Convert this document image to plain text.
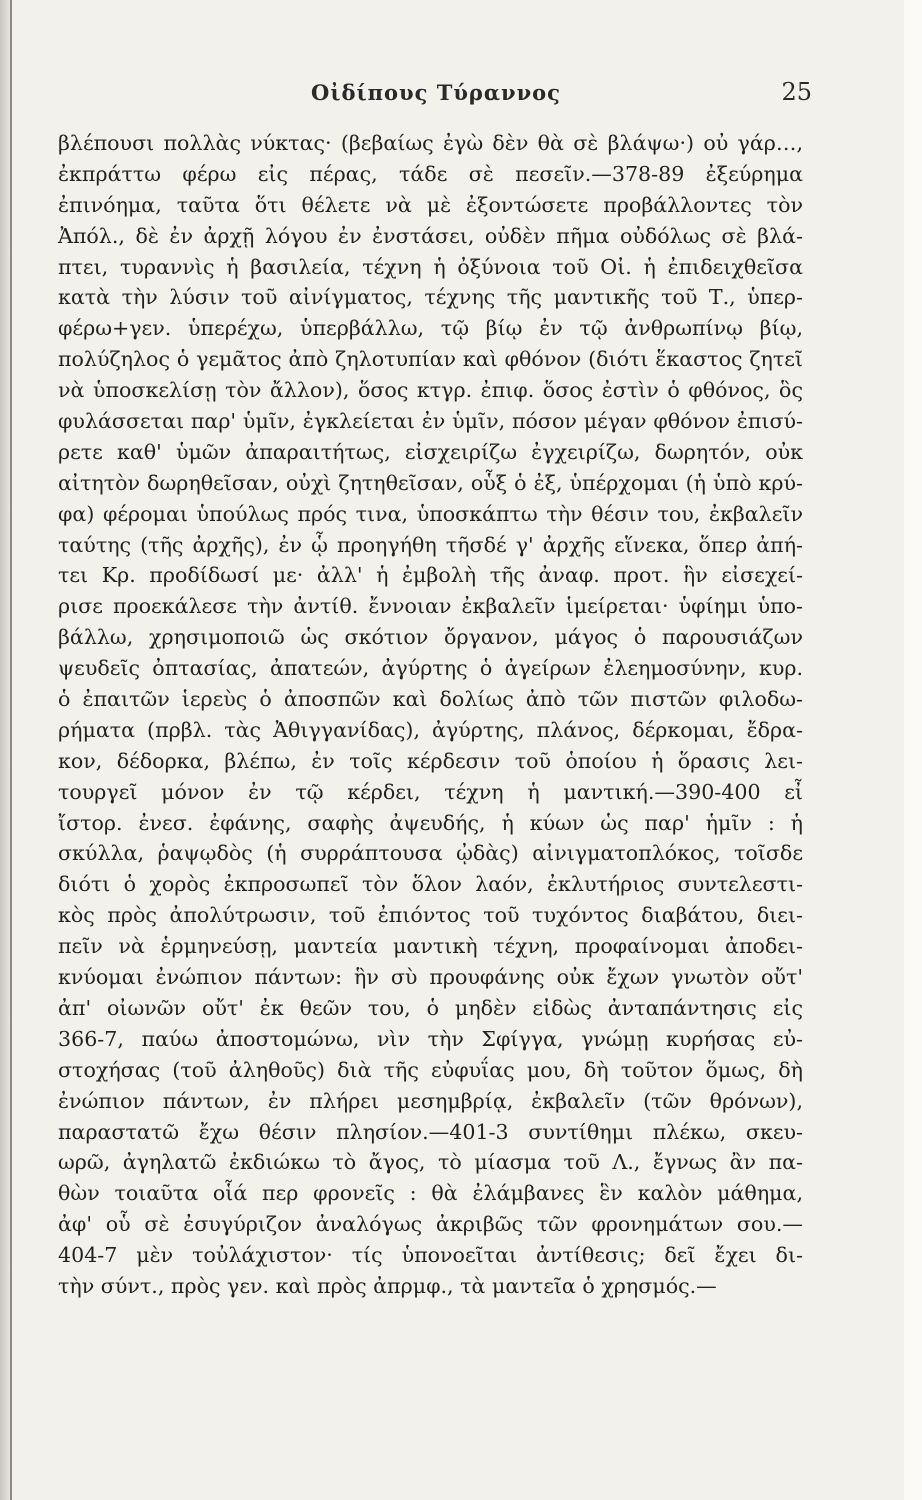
Οἰδίπους Τύραννος	25
βλέπουσι πολλὰς νύκτας· (βεβαίως ἐγὼ δὲν θὰ σὲ βλάψω·) οὐ γάρ…,
ἐκπράττω φέρω εἰς πέρας, τάδε σὲ πεσεῖν.—378-89 ἐξεύρημα
ἐπινόημα, ταῦτα ὅτι θέλετε νὰ μὲ ἐξοντώσετε προβάλλοντες τὸν
Ἀπόλ., δὲ ἐν ἀρχῇ λόγου ἐν ἐνστάσει, οὐδὲν πῆμα οὐδόλως σὲ βλά-
πτει, τυραννὶς ἡ βασιλεία, τέχνη ἡ ὀξύνοια τοῦ Οἰ. ἡ ἐπιδειχθεῖσα
κατὰ τὴν λύσιν τοῦ αἰνίγματος, τέχνης τῆς μαντικῆς τοῦ Τ., ὑπερ-
φέρω+γεν. ὑπερέχω, ὑπερβάλλω, τῷ βίῳ ἐν τῷ ἀνθρωπίνῳ βίῳ,
πολύζηλος ὁ γεμᾶτος ἀπὸ ζηλοτυπίαν καὶ φθόνον (διότι ἕκαστος ζητεῖ
νὰ ὑποσκελίσῃ τὸν ἄλλον), ὅσος κτγρ. ἐπιφ. ὅσος ἐστὶν ὁ φθόνος, ὃς
φυλάσσεται παρ' ὑμῖν, ἐγκλείεται ἐν ὑμῖν, πόσον μέγαν φθόνον ἐπισύ-
ρετε καθ' ὑμῶν ἀπαραιτήτως, εἰσχειρίζω ἐγχειρίζω, δωρητόν, οὐκ
αἰτητὸν δωρηθεῖσαν, οὐχὶ ζητηθεῖσαν, οὗξ ὁ ἐξ, ὑπέρχομαι (ἡ ὑπὸ κρύ-
φα) φέρομαι ὑπούλως πρός τινα, ὑποσκάπτω τὴν θέσιν του, ἐκβαλεῖν
ταύτης (τῆς ἀρχῆς), ἐν ᾧ προηγήθη τῆσδέ γ' ἀρχῆς εἵνεκα, ὅπερ ἀπή-
τει Κρ. προδίδωσί με· ἀλλ' ἡ ἐμβολὴ τῆς ἀναφ. προτ. ἣν εἰσεχεί-
ρισε προεκάλεσε τὴν ἀντίθ. ἔννοιαν ἐκβαλεῖν ἱμείρεται· ὑφίημι ὑπο-
βάλλω, χρησιμοποιῶ ὡς σκότιον ὄργανον, μάγος ὁ παρουσιάζων
ψευδεῖς ὀπτασίας, ἀπατεών, ἀγύρτης ὁ ἀγείρων ἐλεημοσύνην, κυρ.
ὁ ἐπαιτῶν ἱερεὺς ὁ ἀποσπῶν καὶ δολίως ἀπὸ τῶν πιστῶν φιλοδω-
ρήματα (πρβλ. τὰς Ἀθιγγανίδας), ἀγύρτης, πλάνος, δέρκομαι, ἔδρα-
κον, δέδορκα, βλέπω, ἐν τοῖς κέρδεσιν τοῦ ὁποίου ἡ ὅρασις λει-
τουργεῖ μόνον ἐν τῷ κέρδει, τέχνη ἡ μαντική.—390-400 εἶ
ἴστορ. ἐνεσ. ἐφάνης, σαφὴς ἀψευδής, ἡ κύων ὡς παρ' ἡμῖν : ἡ
σκύλλα, ῥαψῳδὸς (ἡ συρράπτουσα ᾠδὰς) αἰνιγματοπλόκος, τοῖσδε
διότι ὁ χορὸς ἐκπροσωπεῖ τὸν ὅλον λαόν, ἐκλυτήριος συντελεστι-
κὸς πρὸς ἀπολύτρωσιν, τοῦ ἐπιόντος τοῦ τυχόντος διαβάτου, διει-
πεῖν νὰ ἑρμηνεύσῃ, μαντεία μαντικὴ τέχνη, προφαίνομαι ἀποδει-
κνύομαι ἐνώπιον πάντων: ἣν σὺ προυφάνης οὐκ ἔχων γνωτὸν οὔτ'
ἀπ' οἰωνῶν οὔτ' ἐκ θεῶν του, ὁ μηδὲν εἰδὼς ἀνταπάντησις εἰς
366-7, παύω ἀποστομώνω, νὶν τὴν Σφίγγα, γνώμῃ κυρήσας εὐ-
στοχήσας (τοῦ ἀληθοῦς) διὰ τῆς εὐφυΐας μου, δὴ τοῦτον ὅμως, δὴ
ἐνώπιον πάντων, ἐν πλήρει μεσημβρίᾳ, ἐκβαλεῖν (τῶν θρόνων),
παραστατῶ ἔχω θέσιν πλησίον.—401-3 συντίθημι πλέκω, σκευ-
ωρῶ, ἀγηλατῶ ἐκδιώκω τὸ ἄγος, τὸ μίασμα τοῦ Λ., ἔγνως ἂν πα-
θὼν τοιαῦτα οἷά περ φρονεῖς : θὰ ἐλάμβανες ἓν καλὸν μάθημα,
ἀφ' οὗ σὲ ἐσυγύριζον ἀναλόγως ἀκριβῶς τῶν φρονημάτων σου.—
404-7 μὲν τοὐλάχιστον· τίς ὑπονοεῖται ἀντίθεσις; δεῖ ἔχει δι-
τὴν σύντ., πρὸς γεν. καὶ πρὸς ἀπρμφ., τὰ μαντεῖα ὁ χρησμός.—
